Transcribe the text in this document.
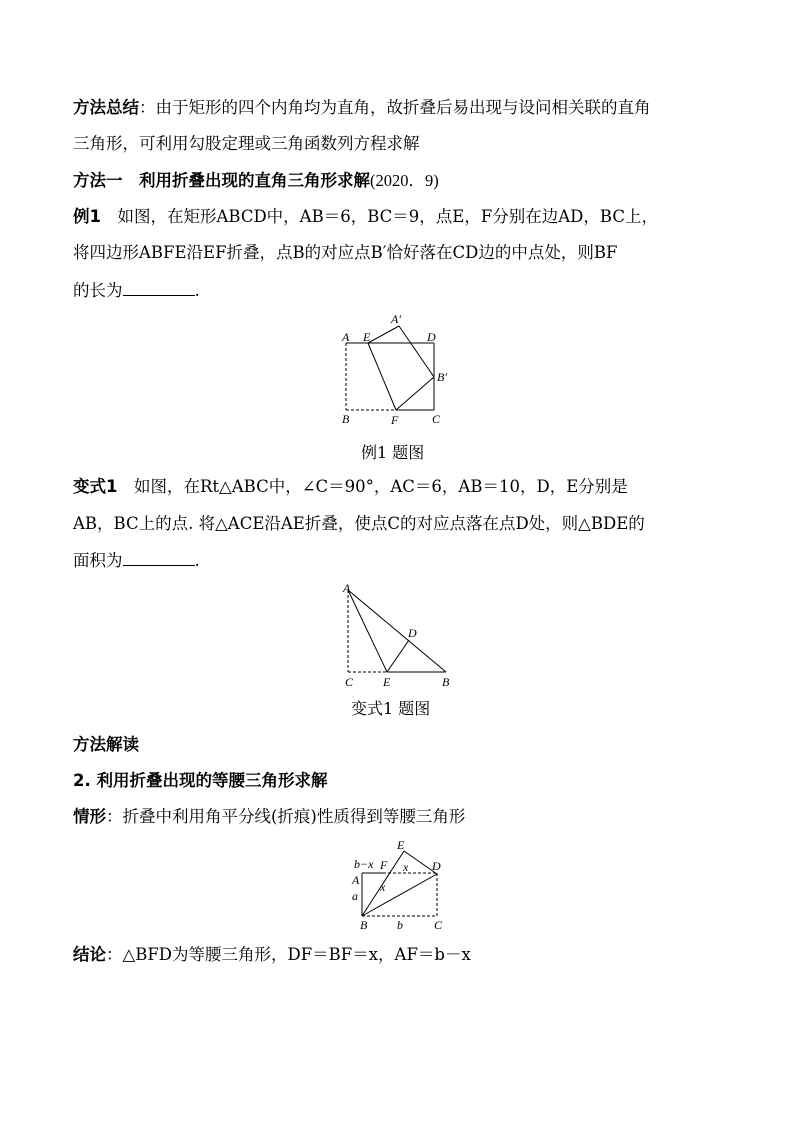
方法总结：由于矩形的四个内角均为直角，故折叠后易出现与设问相关联的直角
三角形，可利用勾股定理或三角函数列方程求解
方法一　利用折叠出现的直角三角形求解(2020．9)
例1　如图，在矩形ABCD中，AB＝6，BC＝9，点E，F分别在边AD，BC上，
将四边形ABFE沿EF折叠，点B的对应点B′恰好落在CD边的中点处，则BF
的长为	.
A
A′
E	D
B′
B	F	C
例1 题图
变式1　如图，在Rt△ABC中，∠C＝90°，AC＝6，AB＝10，D，E分别是
AB，BC上的点. 将△ACE沿AE折叠，使点C的对应点落在点D处，则△BDE的
面积为	.
A
D
C E	B
变式1 题图
方法解读
2. 利用折叠出现的等腰三角形求解
情形：折叠中利用角平分线(折痕)性质得到等腰三角形
E
D
b−x F x
A x
a
B b	C
结论：△BFD为等腰三角形，DF＝BF＝x，AF＝b－x
